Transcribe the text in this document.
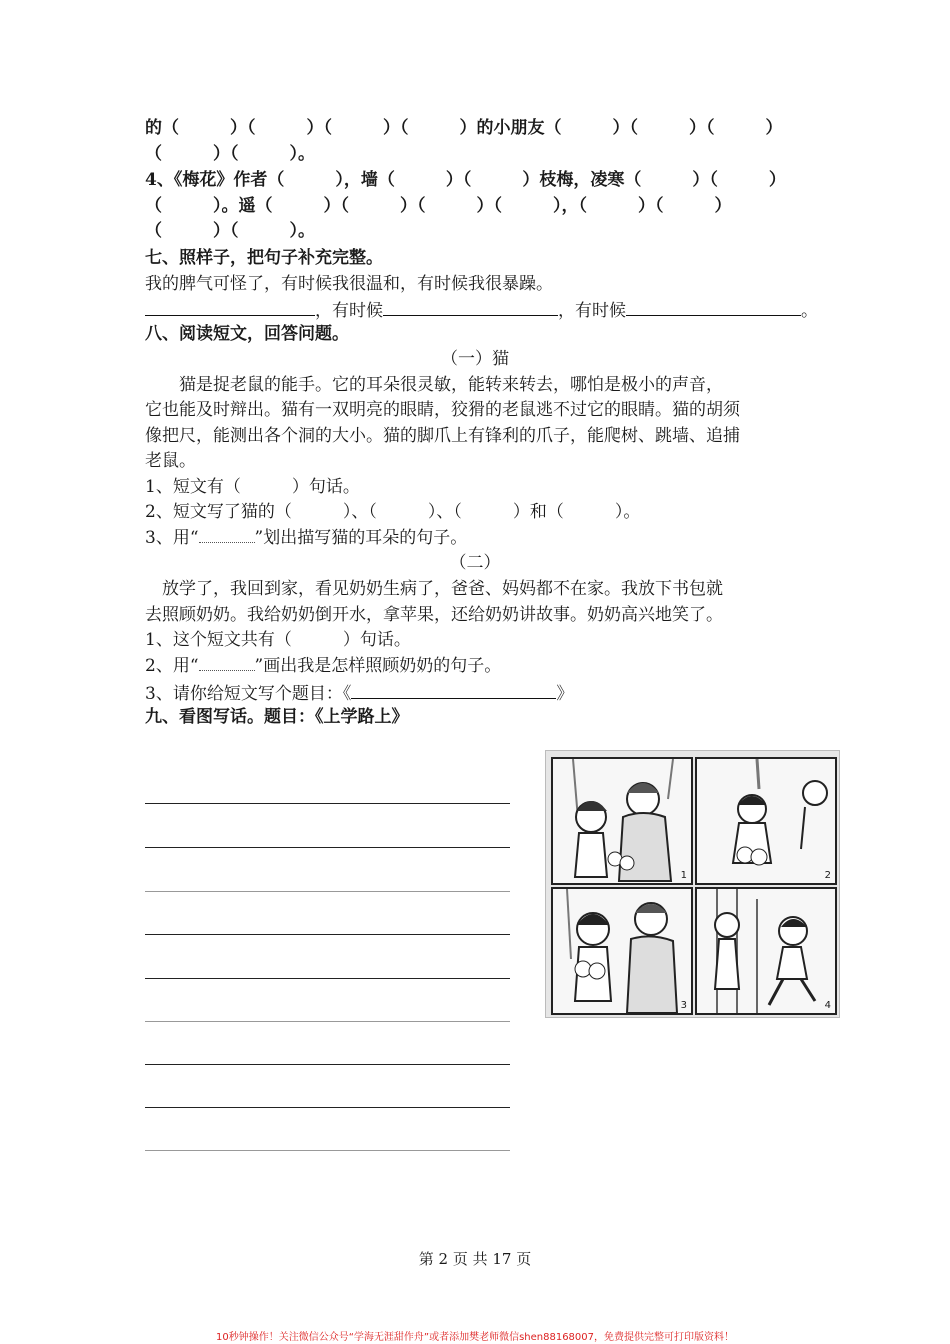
的（　　　）（　　　）（　　　）（　　　）的小朋友（　　　）（　　　）（　　　）
（　　　）（　　　）。
4、《梅花》作者（　　　），墙（　　　）（　　　）枝梅，凌寒（　　　）（　　　）
（　　　）。遥（　　　）（　　　）（　　　）（　　　），（　　　）（　　　）
（　　　）（　　　）。
七、照样子，把句子补充完整。
我的脾气可怪了，有时候我很温和，有时候我很暴躁。
，有时候	，有时候	。
八、阅读短文，回答问题。
（一）猫
　　猫是捉老鼠的能手。它的耳朵很灵敏，能转来转去，哪怕是极小的声音，
它也能及时辩出。猫有一双明亮的眼睛，狡猾的老鼠逃不过它的眼睛。猫的胡须
像把尺，能测出各个洞的大小。猫的脚爪上有锋利的爪子，能爬树、跳墙、追捕
老鼠。
1、短文有（　　　）句话。
2、短文写了猫的（　　　）、（　　　）、（　　　）和（　　　）。
3、用“	”划出描写猫的耳朵的句子。
（二）
　放学了，我回到家，看见奶奶生病了，爸爸、妈妈都不在家。我放下书包就
去照顾奶奶。我给奶奶倒开水，拿苹果，还给奶奶讲故事。奶奶高兴地笑了。
1、这个短文共有（　　　）句话。
2、用“	”画出我是怎样照顾奶奶的句子。
3、请你给短文写个题目：《	》
九、看图写话。题目：《上学路上》
1	2
3	4
第 2 页 共 17 页
10秒钟操作！关注微信公众号“学海无涯甜作舟”或者添加樊老师微信shen88168007，免费提供完整可打印版资料！
